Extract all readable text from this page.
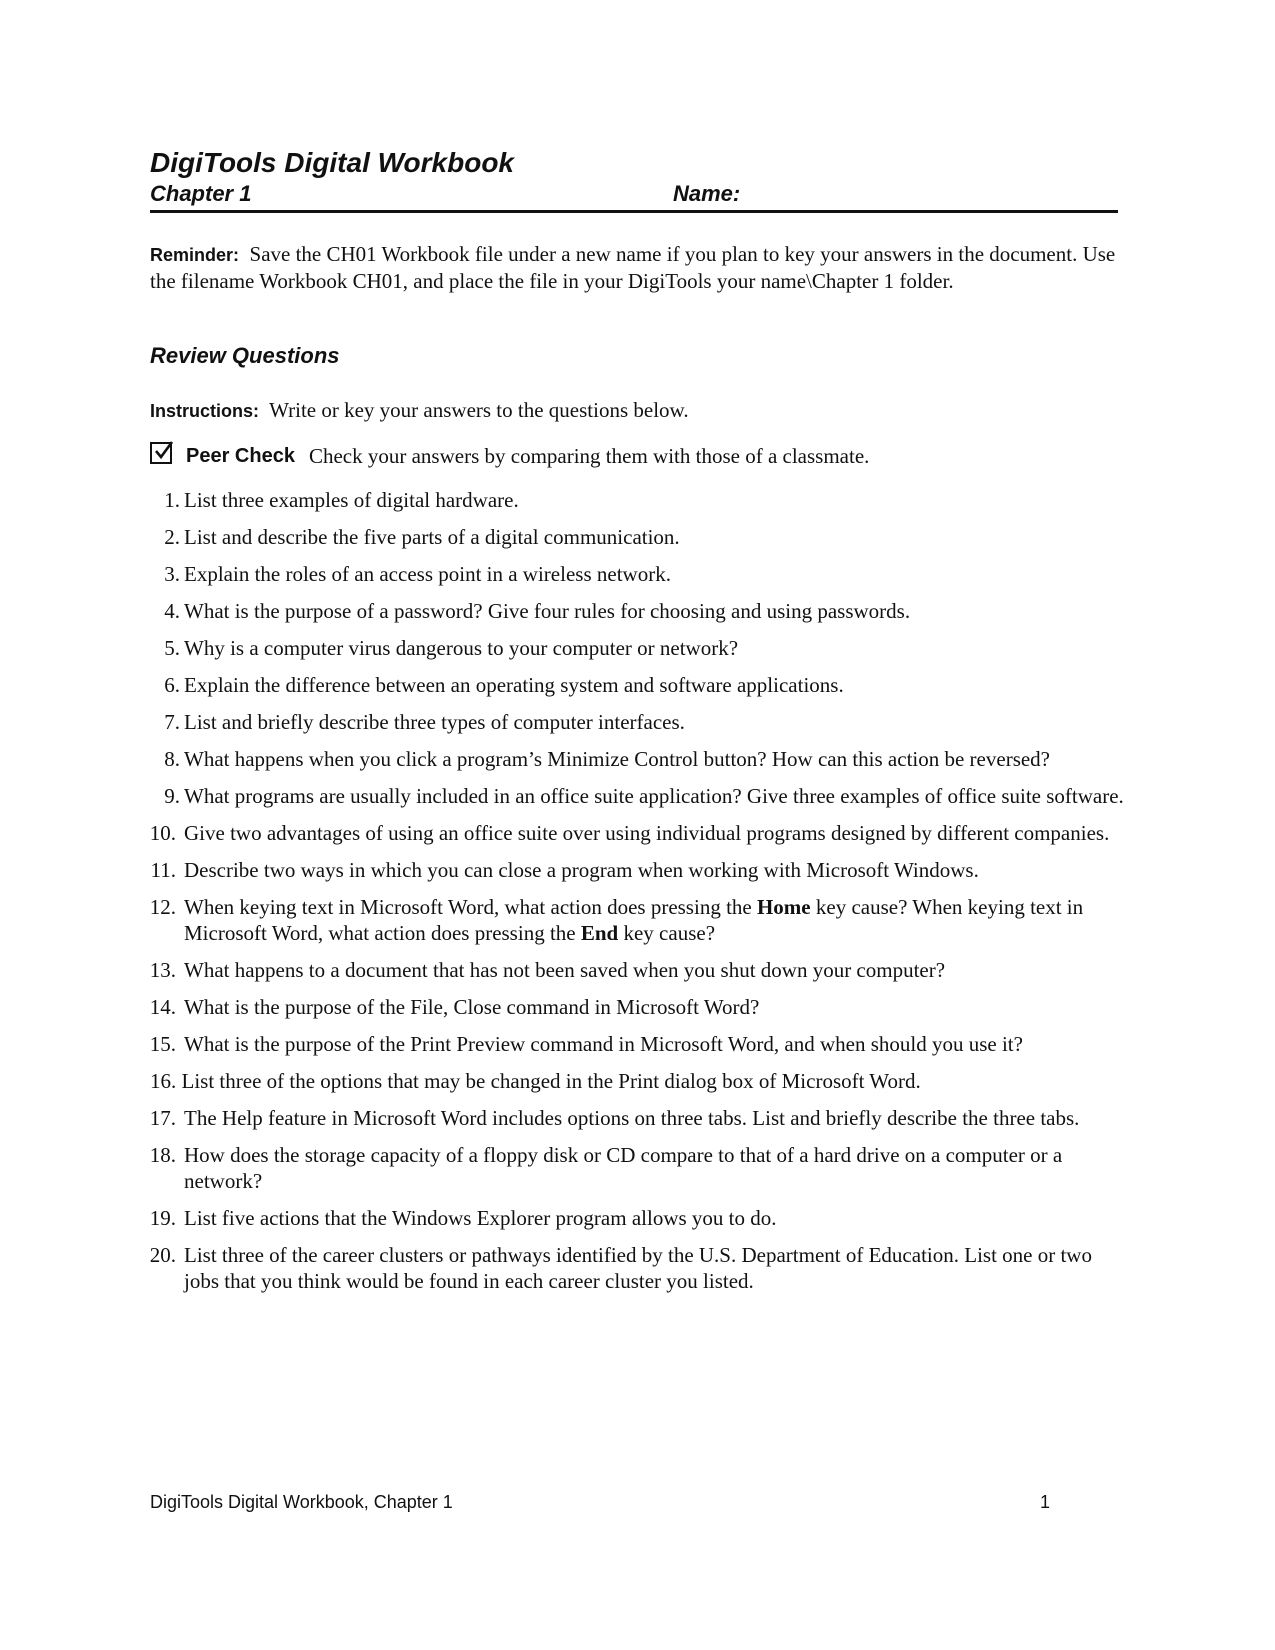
DigiTools Digital Workbook
Chapter 1	Name:

Reminder: Save the CH01 Workbook file under a new name if you plan to key your answers in the document. Use the filename Workbook CH01, and place the file in your DigiTools your name\Chapter 1 folder.

Review Questions

Instructions: Write or key your answers to the questions below.

Peer Check Check your answers by comparing them with those of a classmate.
1. List three examples of digital hardware.
2. List and describe the five parts of a digital communication.
3. Explain the roles of an access point in a wireless network.
4. What is the purpose of a password? Give four rules for choosing and using passwords.
5. Why is a computer virus dangerous to your computer or network?
6. Explain the difference between an operating system and software applications.
7. List and briefly describe three types of computer interfaces.
8. What happens when you click a program’s Minimize Control button? How can this action be reversed?
9. What programs are usually included in an office suite application? Give three examples of office suite software.
10. Give two advantages of using an office suite over using individual programs designed by different companies.
11. Describe two ways in which you can close a program when working with Microsoft Windows.
12. When keying text in Microsoft Word, what action does pressing the Home key cause? When keying text in Microsoft Word, what action does pressing the End key cause?
13. What happens to a document that has not been saved when you shut down your computer?
14. What is the purpose of the File, Close command in Microsoft Word?
15. What is the purpose of the Print Preview command in Microsoft Word, and when should you use it?
16. List three of the options that may be changed in the Print dialog box of Microsoft Word.
17. The Help feature in Microsoft Word includes options on three tabs. List and briefly describe the three tabs.
18. How does the storage capacity of a floppy disk or CD compare to that of a hard drive on a computer or a network?
19. List five actions that the Windows Explorer program allows you to do.
20. List three of the career clusters or pathways identified by the U.S. Department of Education. List one or two jobs that you think would be found in each career cluster you listed.
DigiTools Digital Workbook, Chapter 1	1
